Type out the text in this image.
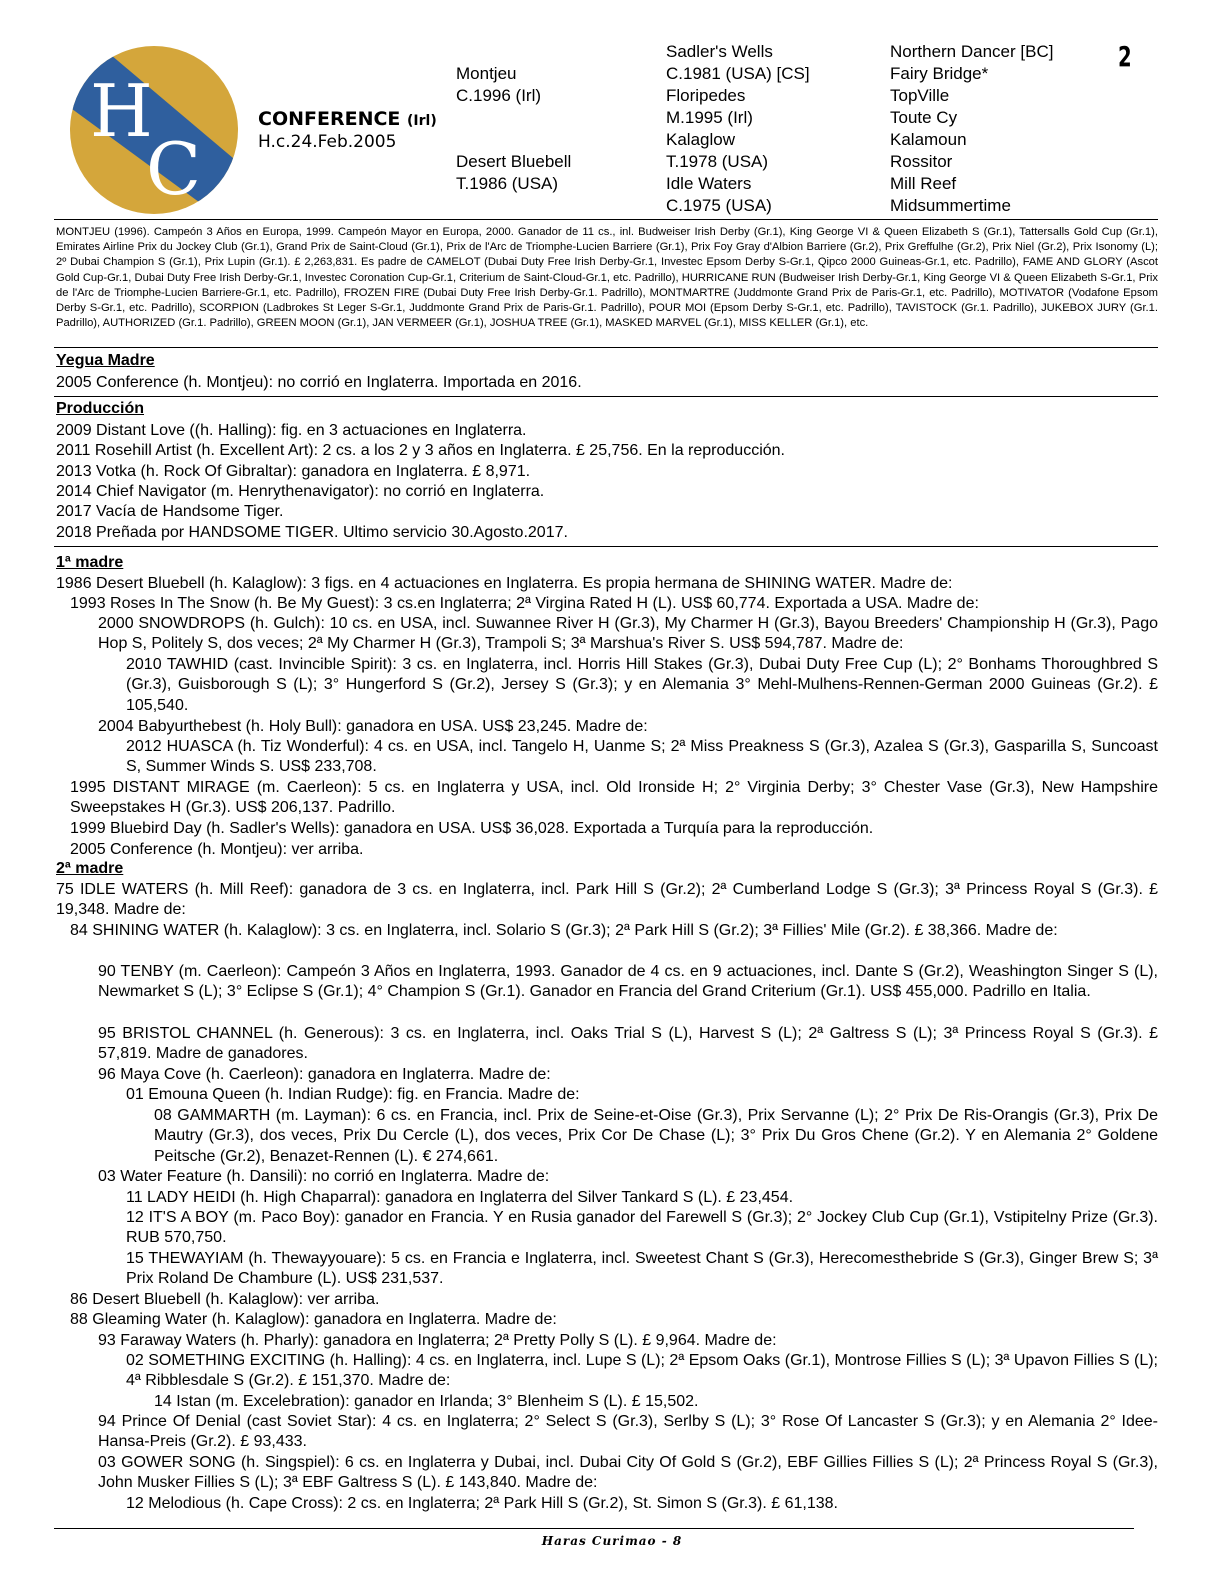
H
C
2
CONFERENCE (Irl)
H.c.24.Feb.2005
Montjeu
C.1996 (Irl)
Desert Bluebell
T.1986 (USA)
Sadler's Wells
C.1981 (USA) [CS]
Floripedes
M.1995 (Irl)
Kalaglow
T.1978 (USA)
Idle Waters
C.1975 (USA)
Northern Dancer [BC]
Fairy Bridge*
TopVille
Toute Cy
Kalamoun
Rossitor
Mill Reef
Midsummertime
MONTJEU (1996). Campeón 3 Años en Europa, 1999. Campeón Mayor en Europa, 2000. Ganador de 11 cs., inl. Budweiser Irish Derby (Gr.1), King George VI & Queen Elizabeth S (Gr.1), Tattersalls Gold Cup (Gr.1), Emirates Airline Prix du Jockey Club (Gr.1), Grand Prix de Saint-Cloud (Gr.1), Prix de l'Arc de Triomphe-Lucien Barriere (Gr.1), Prix Foy Gray d'Albion Barriere (Gr.2), Prix Greffulhe (Gr.2), Prix Niel (Gr.2), Prix Isonomy (L); 2º Dubai Champion S (Gr.1), Prix Lupin (Gr.1). £ 2,263,831. Es padre de CAMELOT (Dubai Duty Free Irish Derby-Gr.1, Investec Epsom Derby S-Gr.1, Qipco 2000 Guineas-Gr.1, etc. Padrillo), FAME AND GLORY (Ascot Gold Cup-Gr.1, Dubai Duty Free Irish Derby-Gr.1, Investec Coronation Cup-Gr.1, Criterium de Saint-Cloud-Gr.1, etc. Padrillo), HURRICANE RUN (Budweiser Irish Derby-Gr.1, King George VI & Queen Elizabeth S-Gr.1, Prix de l'Arc de Triomphe-Lucien Barriere-Gr.1, etc. Padrillo), FROZEN FIRE (Dubai Duty Free Irish Derby-Gr.1. Padrillo), MONTMARTRE (Juddmonte Grand Prix de Paris-Gr.1, etc. Padrillo), MOTIVATOR (Vodafone Epsom Derby S-Gr.1, etc. Padrillo), SCORPION (Ladbrokes St Leger S-Gr.1, Juddmonte Grand Prix de Paris-Gr.1. Padrillo), POUR MOI (Epsom Derby S-Gr.1, etc. Padrillo), TAVISTOCK (Gr.1. Padrillo), JUKEBOX JURY (Gr.1. Padrillo), AUTHORIZED (Gr.1. Padrillo), GREEN MOON (Gr.1), JAN VERMEER (Gr.1), JOSHUA TREE (Gr.1), MASKED MARVEL (Gr.1), MISS KELLER (Gr.1), etc.
Yegua Madre
2005 Conference (h. Montjeu): no corrió en Inglaterra. Importada en 2016.
Producción
2009 Distant Love ((h. Halling): fig. en 3 actuaciones en Inglaterra.
2011 Rosehill Artist (h. Excellent Art): 2 cs. a los 2 y 3 años en Inglaterra. £ 25,756. En la reproducción.
2013 Votka (h. Rock Of Gibraltar): ganadora en Inglaterra. £ 8,971.
2014 Chief Navigator (m. Henrythenavigator): no corrió en Inglaterra.
2017 Vacía de Handsome Tiger.
2018 Preñada por HANDSOME TIGER. Ultimo servicio 30.Agosto.2017.
1ª madre
1986 Desert Bluebell (h. Kalaglow): 3 figs. en 4 actuaciones en Inglaterra. Es propia hermana de SHINING WATER. Madre de:
1993 Roses In The Snow (h. Be My Guest): 3 cs.en Inglaterra; 2ª Virgina Rated H (L). US$ 60,774. Exportada a USA. Madre de:
2000 SNOWDROPS (h. Gulch): 10 cs. en USA, incl. Suwannee River H (Gr.3), My Charmer H (Gr.3), Bayou Breeders' Championship H (Gr.3), Pago Hop S, Politely S, dos veces; 2ª My Charmer H (Gr.3), Trampoli S; 3ª Marshua's River S. US$ 594,787. Madre de:
2010 TAWHID (cast. Invincible Spirit): 3 cs. en Inglaterra, incl. Horris Hill Stakes (Gr.3), Dubai Duty Free Cup (L); 2° Bonhams Thoroughbred S (Gr.3), Guisborough S (L); 3° Hungerford S (Gr.2), Jersey S (Gr.3); y en Alemania 3° Mehl-Mulhens-Rennen-German 2000 Guineas (Gr.2). £ 105,540.
2004 Babyurthebest (h. Holy Bull): ganadora en USA. US$ 23,245. Madre de:
2012 HUASCA (h. Tiz Wonderful): 4 cs. en USA, incl. Tangelo H, Uanme S; 2ª Miss Preakness S (Gr.3), Azalea S (Gr.3), Gasparilla S, Suncoast S, Summer Winds S. US$ 233,708.
1995 DISTANT MIRAGE (m. Caerleon): 5 cs. en Inglaterra y USA, incl. Old Ironside H; 2° Virginia Derby; 3° Chester Vase (Gr.3), New Hampshire Sweepstakes H (Gr.3). US$ 206,137. Padrillo.
1999 Bluebird Day (h. Sadler's Wells): ganadora en USA. US$ 36,028. Exportada a Turquía para la reproducción.
2005 Conference (h. Montjeu): ver arriba.
2ª madre
75 IDLE WATERS (h. Mill Reef): ganadora de 3 cs. en Inglaterra, incl. Park Hill S (Gr.2); 2ª Cumberland Lodge S (Gr.3); 3ª Princess Royal S (Gr.3). £ 19,348. Madre de:
84 SHINING WATER (h. Kalaglow): 3 cs. en Inglaterra, incl. Solario S (Gr.3); 2ª Park Hill S (Gr.2); 3ª Fillies' Mile (Gr.2). £ 38,366. Madre de:
90 TENBY (m. Caerleon): Campeón 3 Años en Inglaterra, 1993. Ganador de 4 cs. en 9 actuaciones, incl. Dante S (Gr.2), Weashington Singer S (L), Newmarket S (L); 3° Eclipse S (Gr.1); 4° Champion S (Gr.1). Ganador en Francia del Grand Criterium (Gr.1). US$ 455,000. Padrillo en Italia.
95 BRISTOL CHANNEL (h. Generous): 3 cs. en Inglaterra, incl. Oaks Trial S (L), Harvest S (L); 2ª Galtress S (L); 3ª Princess Royal S (Gr.3). £ 57,819. Madre de ganadores.
96 Maya Cove (h. Caerleon): ganadora en Inglaterra. Madre de:
01 Emouna Queen (h. Indian Rudge): fig. en Francia. Madre de:
08 GAMMARTH (m. Layman): 6 cs. en Francia, incl. Prix de Seine-et-Oise (Gr.3), Prix Servanne (L); 2° Prix De Ris-Orangis (Gr.3), Prix De Mautry (Gr.3), dos veces, Prix Du Cercle (L), dos veces, Prix Cor De Chase (L); 3° Prix Du Gros Chene (Gr.2). Y en Alemania 2° Goldene Peitsche (Gr.2), Benazet-Rennen (L). € 274,661.
03 Water Feature (h. Dansili): no corrió en Inglaterra. Madre de:
11 LADY HEIDI (h. High Chaparral): ganadora en Inglaterra del Silver Tankard S (L). £ 23,454.
12 IT'S A BOY (m. Paco Boy): ganador en Francia. Y en Rusia ganador del Farewell S (Gr.3); 2° Jockey Club Cup (Gr.1), Vstipitelny Prize (Gr.3). RUB 570,750.
15 THEWAYIAM (h. Thewayyouare): 5 cs. en Francia e Inglaterra, incl. Sweetest Chant S (Gr.3), Herecomesthebride S (Gr.3), Ginger Brew S; 3ª Prix Roland De Chambure (L). US$ 231,537.
86 Desert Bluebell (h. Kalaglow): ver arriba.
88 Gleaming Water (h. Kalaglow): ganadora en Inglaterra. Madre de:
93 Faraway Waters (h. Pharly): ganadora en Inglaterra; 2ª Pretty Polly S (L). £ 9,964. Madre de:
02 SOMETHING EXCITING (h. Halling): 4 cs. en Inglaterra, incl. Lupe S (L); 2ª Epsom Oaks (Gr.1), Montrose Fillies S (L); 3ª Upavon Fillies S (L); 4ª Ribblesdale S (Gr.2). £ 151,370. Madre de:
14 Istan (m. Excelebration): ganador en Irlanda; 3° Blenheim S (L). £ 15,502.
94 Prince Of Denial (cast Soviet Star): 4 cs. en Inglaterra; 2° Select S (Gr.3), Serlby S (L); 3° Rose Of Lancaster S (Gr.3); y en Alemania 2° Idee-Hansa-Preis (Gr.2). £ 93,433.
03 GOWER SONG (h. Singspiel): 6 cs. en Inglaterra y Dubai, incl. Dubai City Of Gold S (Gr.2), EBF Gillies Fillies S (L); 2ª Princess Royal S (Gr.3), John Musker Fillies S (L); 3ª EBF Galtress S (L). £ 143,840. Madre de:
12 Melodious (h. Cape Cross): 2 cs. en Inglaterra; 2ª Park Hill S (Gr.2), St. Simon S (Gr.3). £ 61,138.
Haras Curimao - 8
